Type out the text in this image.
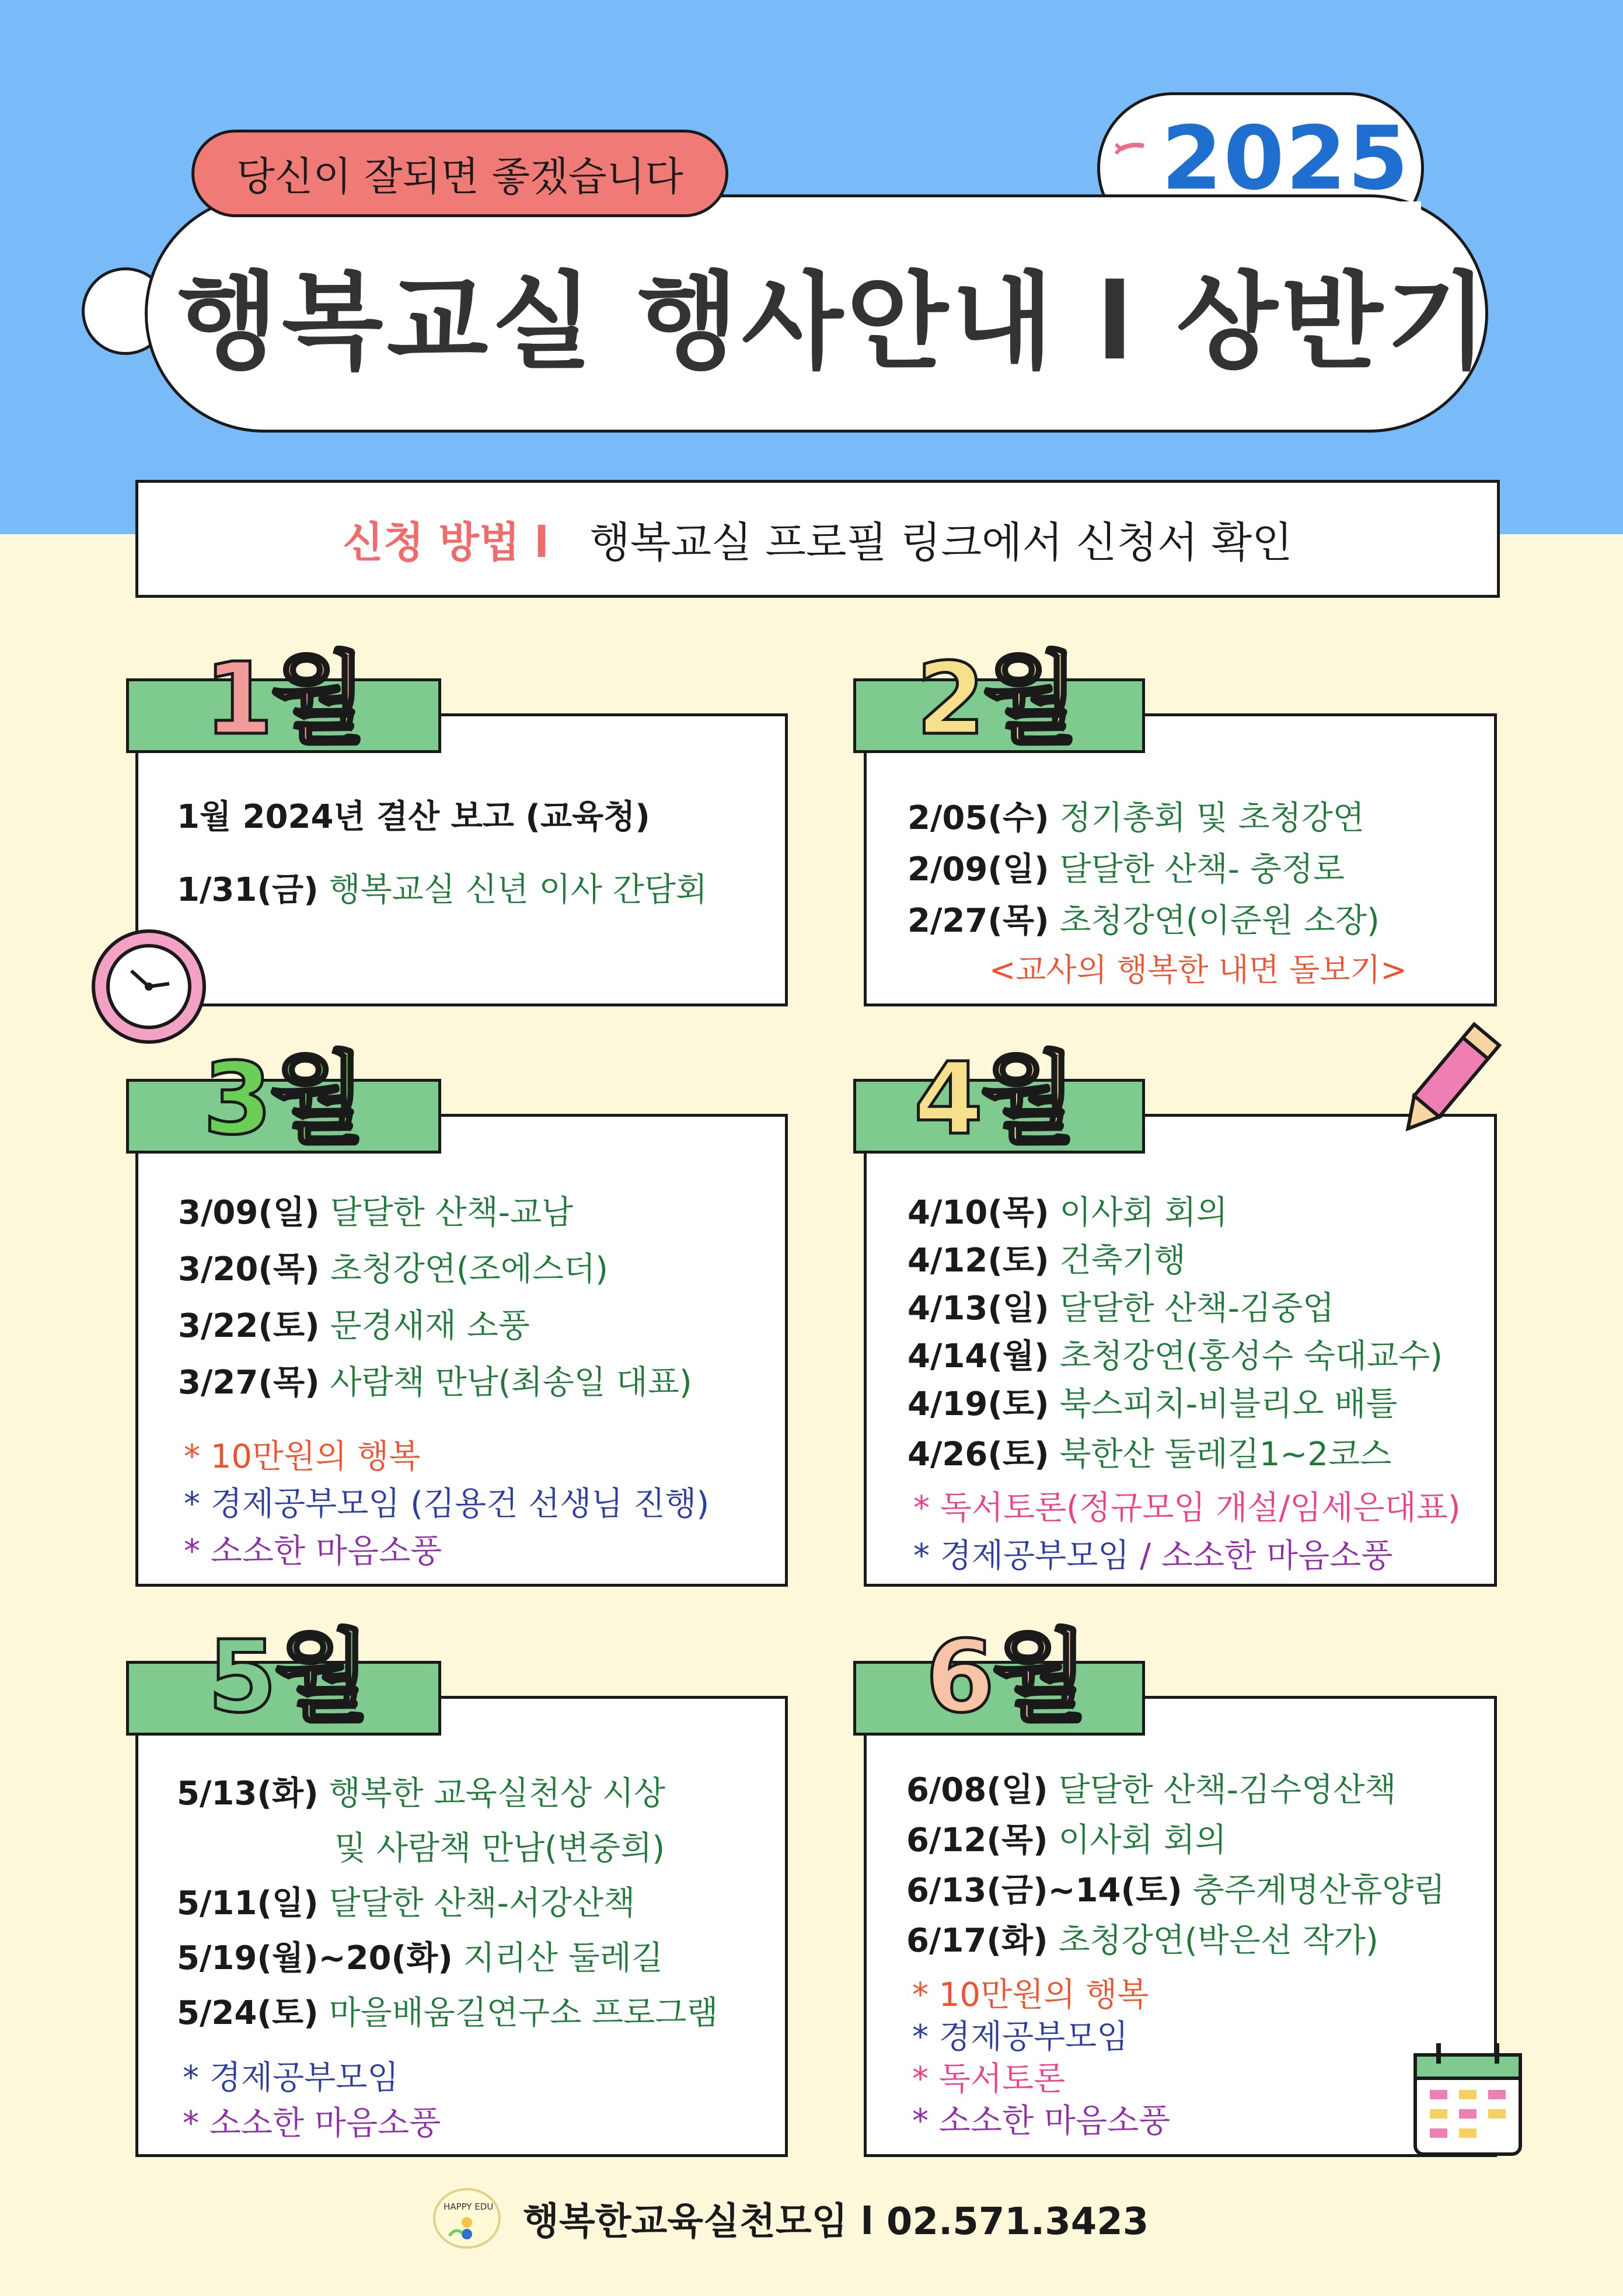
2025
당신이 잘되면 좋겠습니다
행복교실 행사안내 l 상반기
신청 방법 l 행복교실 프로필 링크에서 신청서 확인
1월
1월 2024년 결산 보고 (교육청)
1/31(금) 행복교실 신년 이사 간담회
2월
2/05(수) 정기총회 및 초청강연
2/09(일) 달달한 산책- 충정로
2/27(목) 초청강연(이준원 소장)
<교사의 행복한 내면 돌보기>
3월
3/09(일) 달달한 산책-교남
3/20(목) 초청강연(조에스더)
3/22(토) 문경새재 소풍
3/27(목) 사람책 만남(최송일 대표)
* 10만원의 행복
* 경제공부모임 (김용건 선생님 진행)
* 소소한 마음소풍
4월
4/10(목) 이사회 회의
4/12(토) 건축기행
4/13(일) 달달한 산책-김중업
4/14(월) 초청강연(홍성수 숙대교수)
4/19(토) 북스피치-비블리오 배틀
4/26(토) 북한산 둘레길1~2코스
* 독서토론(정규모임 개설/임세은대표)
* 경제공부모임 / 소소한 마음소풍
5월
5/13(화) 행복한 교육실천상 시상
및 사람책 만남(변중희)
5/11(일) 달달한 산책-서강산책
5/19(월)~20(화) 지리산 둘레길
5/24(토) 마을배움길연구소 프로그램
* 경제공부모임
* 소소한 마음소풍
6월
6/08(일) 달달한 산책-김수영산책
6/12(목) 이사회 회의
6/13(금)~14(토) 충주계명산휴양림
6/17(화) 초청강연(박은선 작가)
* 10만원의 행복
* 경제공부모임
* 독서토론
* 소소한 마음소풍
HAPPY EDU 행복한교육실천모임 l 02.571.3423
